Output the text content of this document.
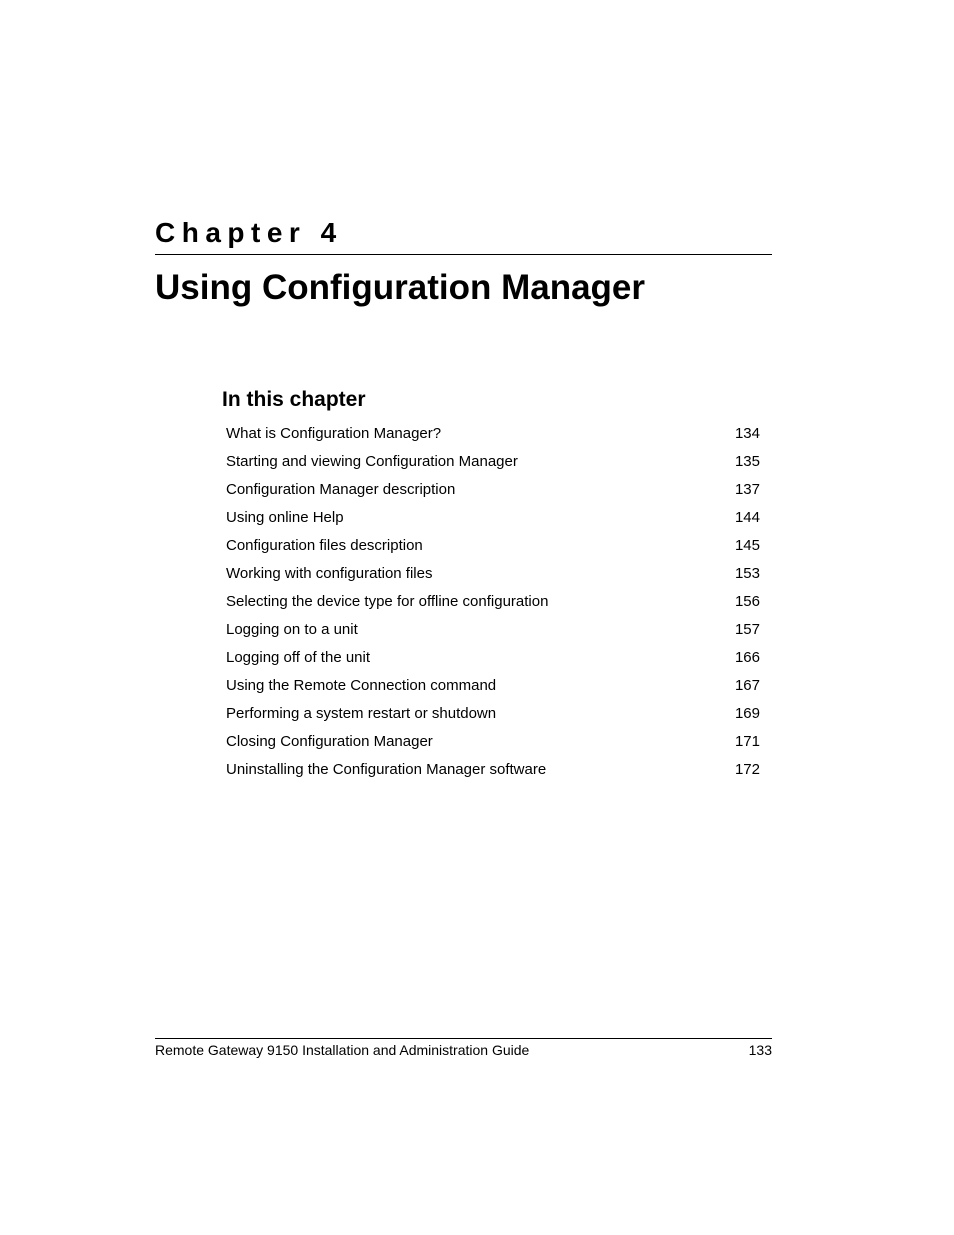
Chapter 4
Using Configuration Manager
In this chapter
What is Configuration Manager?	134
Starting and viewing Configuration Manager	135
Configuration Manager description	137
Using online Help	144
Configuration files description	145
Working with configuration files	153
Selecting the device type for offline configuration	156
Logging on to a unit	157
Logging off of the unit	166
Using the Remote Connection command	167
Performing a system restart or shutdown	169
Closing Configuration Manager	171
Uninstalling the Configuration Manager software	172
Remote Gateway 9150 Installation and Administration Guide	133
